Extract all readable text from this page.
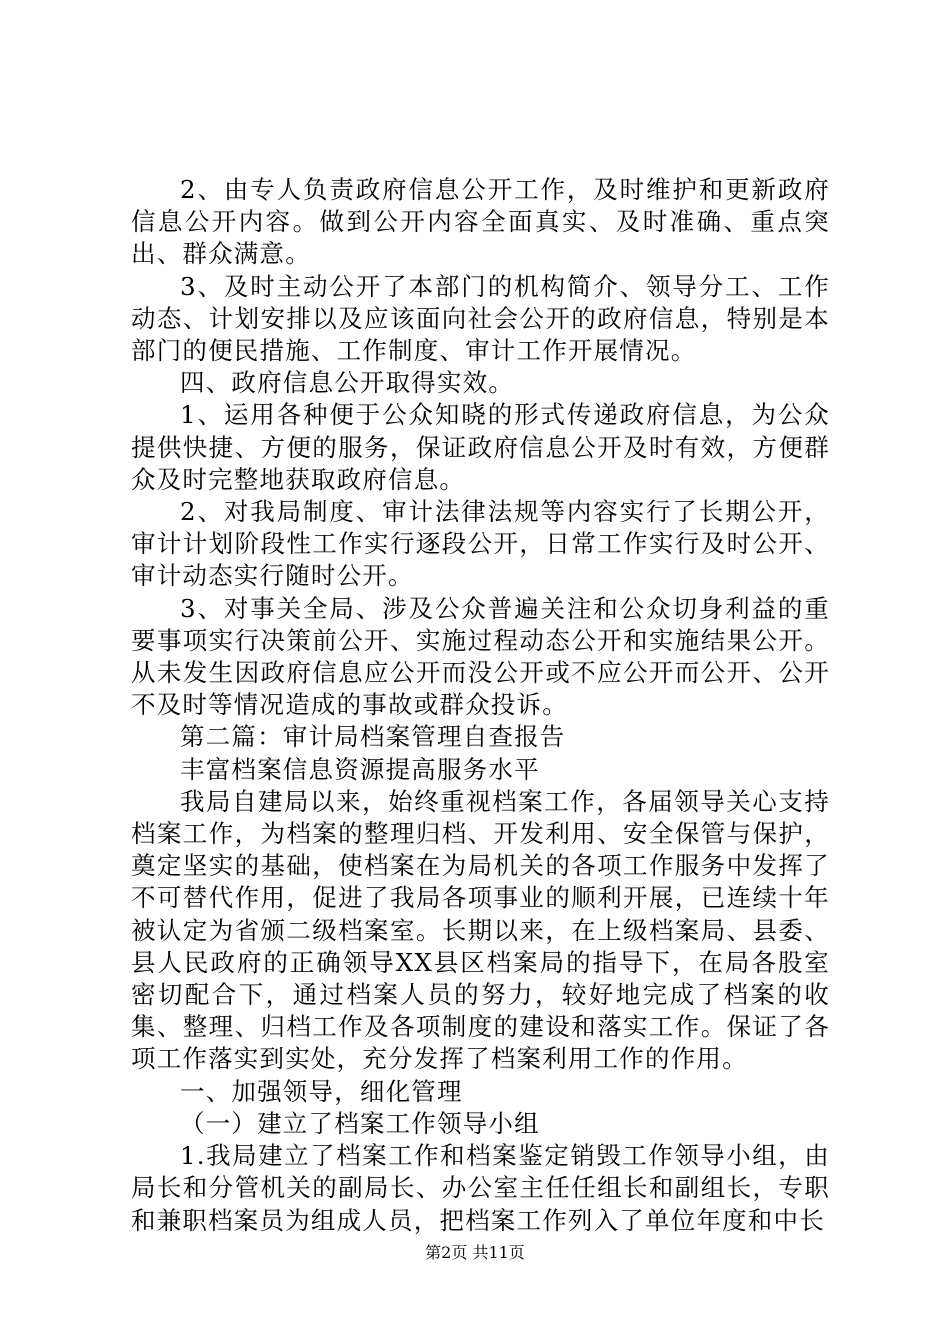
2、由专人负责政府信息公开工作，及时维护和更新政府信息公开内容。做到公开内容全面真实、及时准确、重点突出、群众满意。

3、及时主动公开了本部门的机构简介、领导分工、工作动态、计划安排以及应该面向社会公开的政府信息，特别是本部门的便民措施、工作制度、审计工作开展情况。

四、政府信息公开取得实效。

1、运用各种便于公众知晓的形式传递政府信息，为公众提供快捷、方便的服务，保证政府信息公开及时有效，方便群众及时完整地获取政府信息。

2、对我局制度、审计法律法规等内容实行了长期公开，审计计划阶段性工作实行逐段公开，日常工作实行及时公开、审计动态实行随时公开。

3、对事关全局、涉及公众普遍关注和公众切身利益的重要事项实行决策前公开、实施过程动态公开和实施结果公开。从未发生因政府信息应公开而没公开或不应公开而公开、公开不及时等情况造成的事故或群众投诉。

第二篇：审计局档案管理自查报告

丰富档案信息资源提高服务水平

我局自建局以来，始终重视档案工作，各届领导关心支持档案工作，为档案的整理归档、开发利用、安全保管与保护，奠定坚实的基础，使档案在为局机关的各项工作服务中发挥了不可替代作用，促进了我局各项事业的顺利开展，已连续十年被认定为省颁二级档案室。长期以来，在上级档案局、县委、县人民政府的正确领导XX县区档案局的指导下，在局各股室密切配合下，通过档案人员的努力，较好地完成了档案的收集、整理、归档工作及各项制度的建设和落实工作。保证了各项工作落实到实处，充分发挥了档案利用工作的作用。

一、加强领导，细化管理

（一）建立了档案工作领导小组

1.我局建立了档案工作和档案鉴定销毁工作领导小组，由局长和分管机关的副局长、办公室主任任组长和副组长，专职和兼职档案员为组成人员，把档案工作列入了单位年度和中长

第2页 共11页
